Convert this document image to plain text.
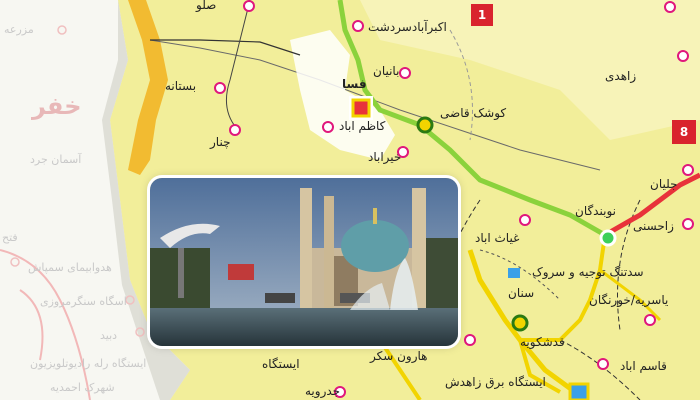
1
8
صلو
اکبرآبادسردشت
فسا
بانیان
بستانه
کوشک قاضی
کاظم اباد
چنار
خیراباد
جلیان
زاهدی
نوبندگان
غیاث اباد
زاحسنی
سدتنگ توجیه و سروک
سنان	یاسریه/خورنگان
قدشکویه
قاسم اباد
هارون سکر
ایستگاه
ایستگاه برق زاهدش
جدرویه
مزرعه
خفر
آسمان جرد
هدوابیمای سمپاش
فتح
اسگاه سنگرمروزی
ایستگاه رله رادیوتلویزیون
شهرک احمدیه
دبید
